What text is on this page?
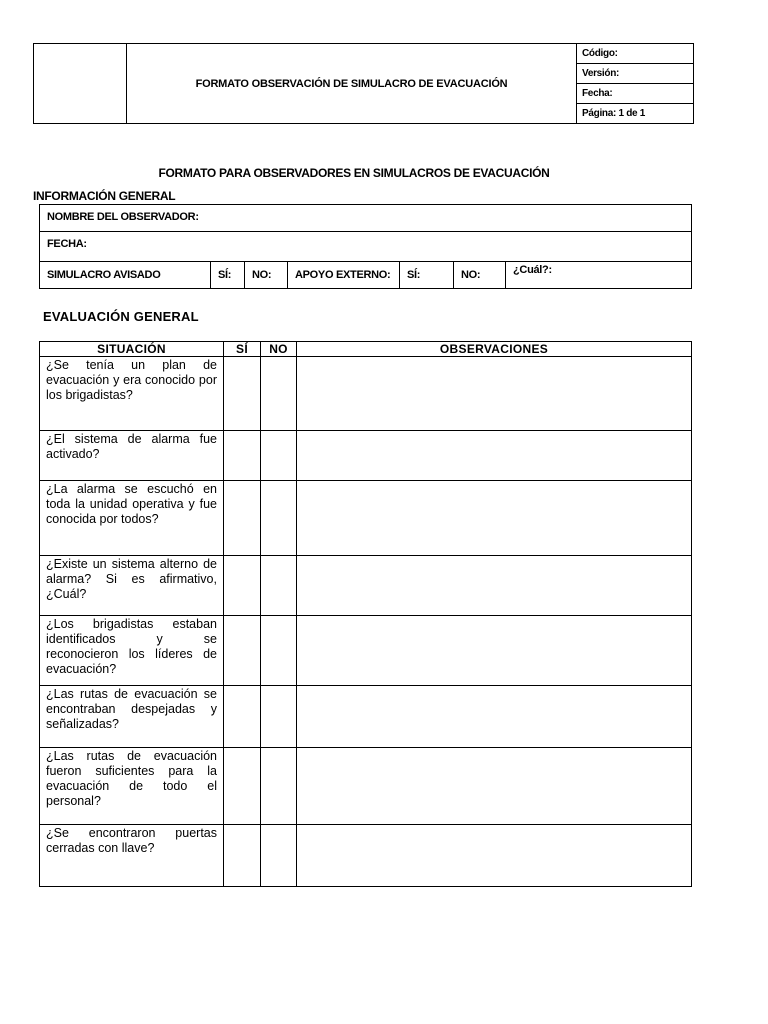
	FORMATO OBSERVACIÓN DE SIMULACRO DE EVACUACIÓN	Código:
Versión:
Fecha:
Página: 1 de 1
FORMATO PARA OBSERVADORES EN SIMULACROS DE EVACUACIÓN
INFORMACIÓN GENERAL
NOMBRE DEL OBSERVADOR:
FECHA:
SIMULACRO AVISADO	SÍ:	NO:	APOYO EXTERNO:	SÍ:	NO:	¿Cuál?:
EVALUACIÓN GENERAL
SITUACIÓN	SÍ	NO	OBSERVACIONES
¿Se tenía un plan de evacuación y era conocido por los brigadistas?			
¿El sistema de alarma fue activado?			
¿La alarma se escuchó en toda la unidad operativa y fue conocida por todos?			
¿Existe un sistema alterno de alarma? Si es afirmativo, ¿Cuál?			
¿Los brigadistas estaban identificados y se reconocieron los líderes de evacuación?			
¿Las rutas de evacuación se encontraban despejadas y señalizadas?			
¿Las rutas de evacuación fueron suficientes para la evacuación de todo el personal?			
¿Se encontraron puertas cerradas con llave?			
